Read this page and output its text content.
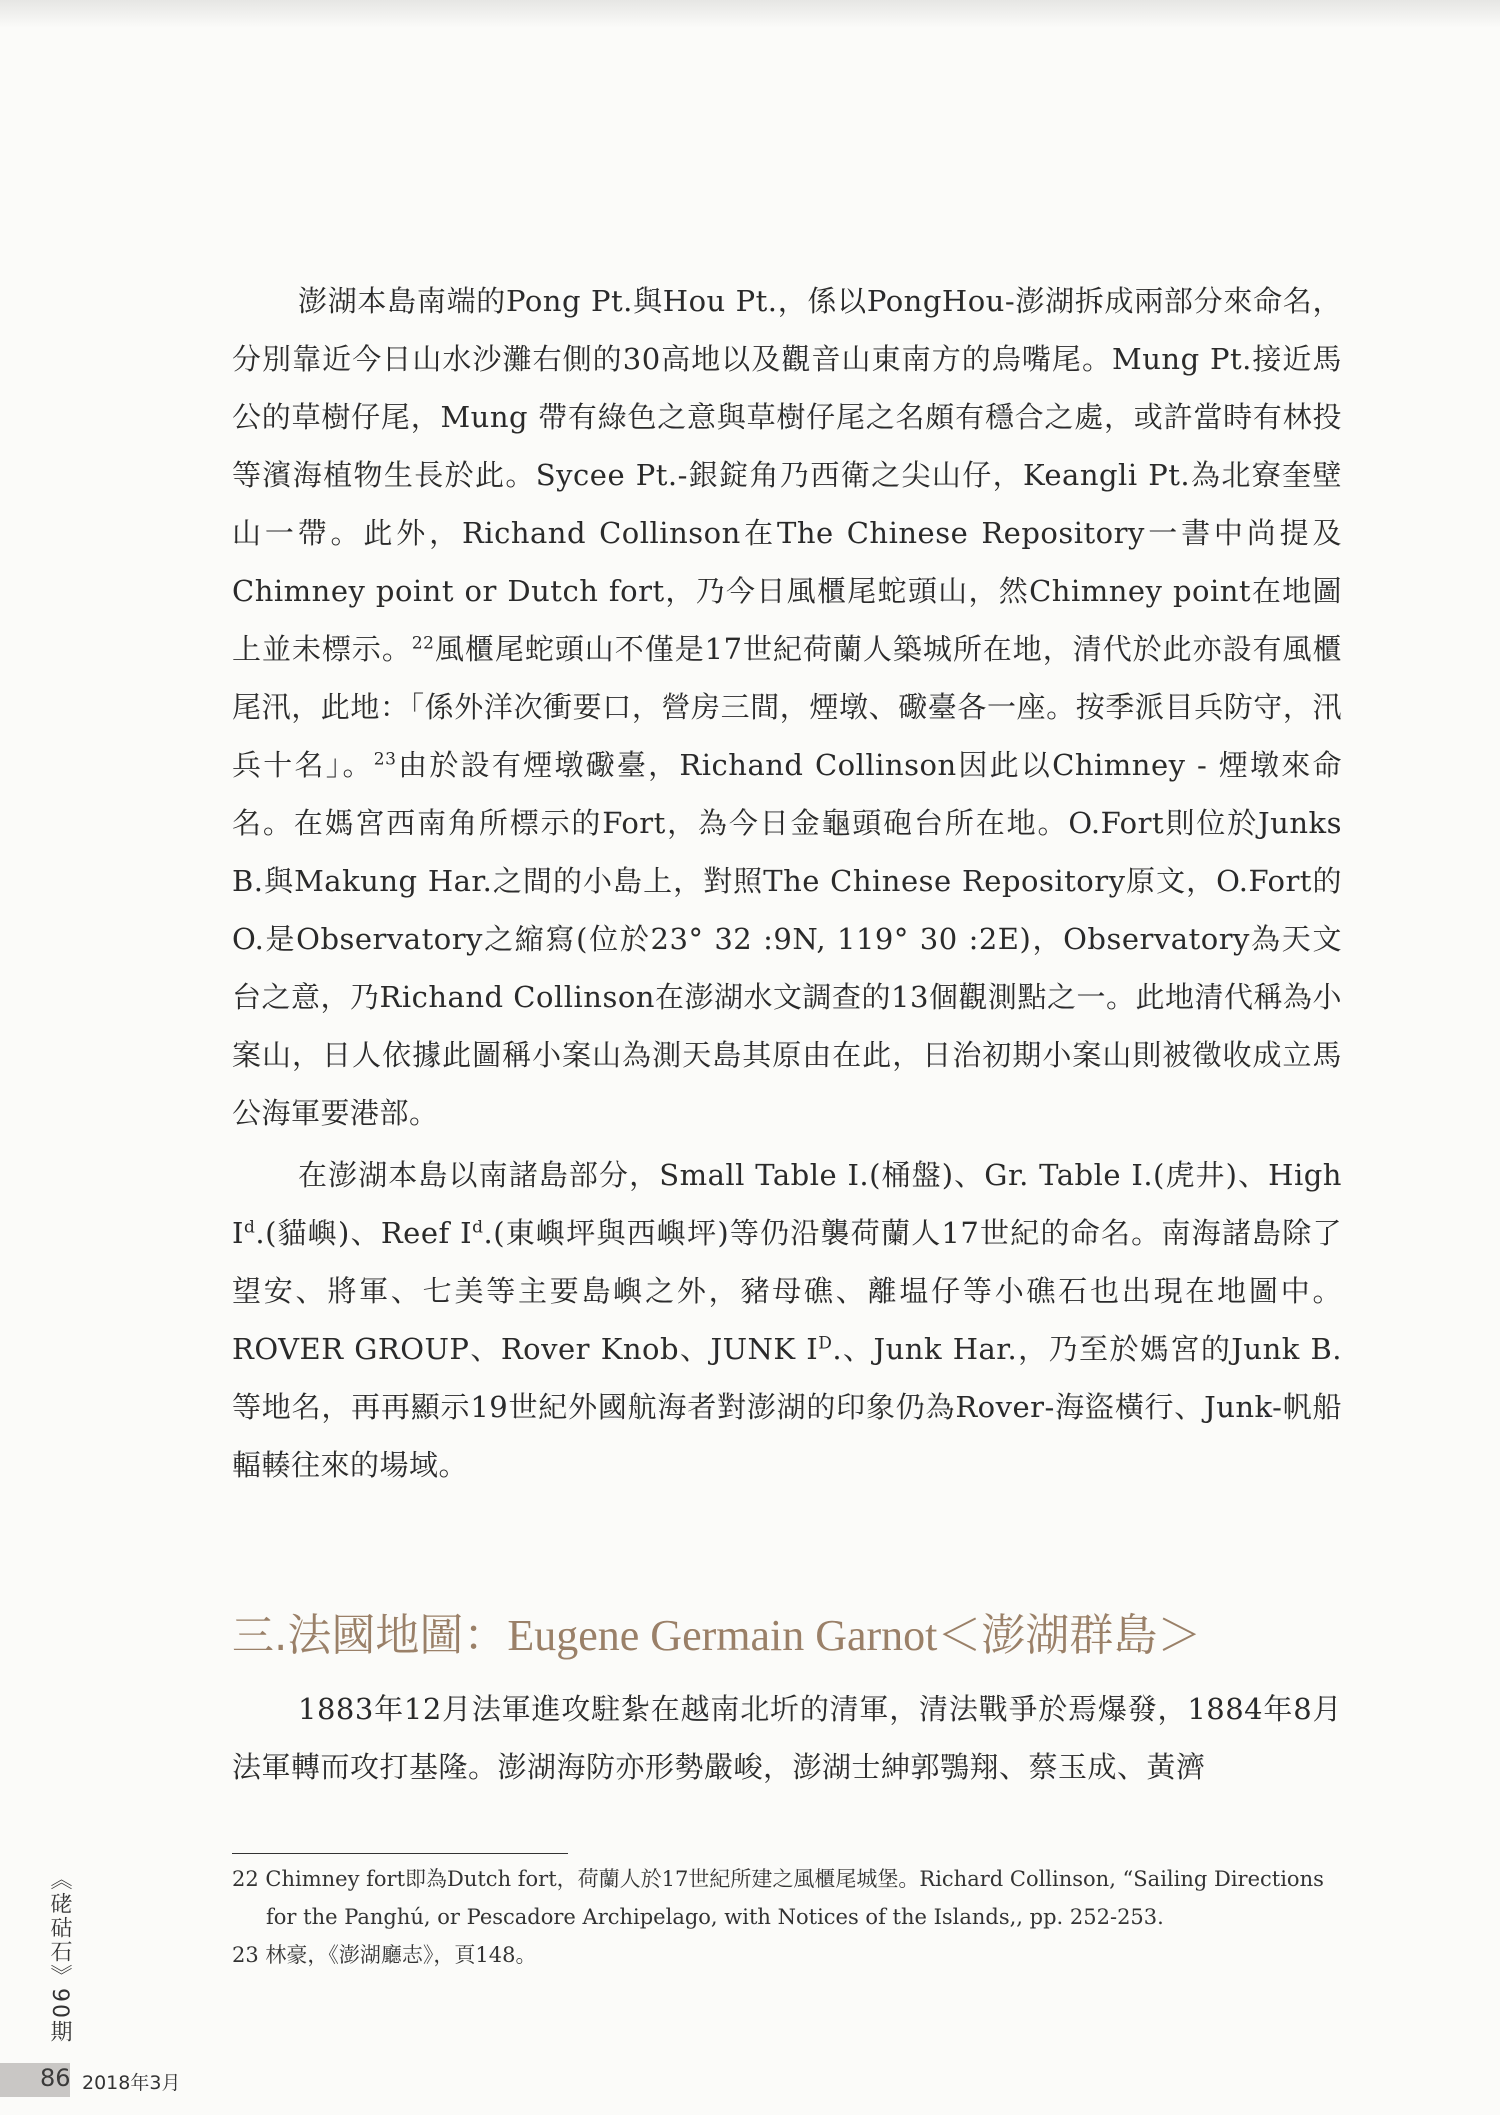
澎湖本島南端的Pong Pt.與Hou Pt.，係以PongHou-澎湖拆成兩部分來命名，分別靠近今日山水沙灘右側的30高地以及觀音山東南方的烏嘴尾。Mung Pt.接近馬公的草樹仔尾，Mung 帶有綠色之意與草樹仔尾之名頗有穩合之處，或許當時有林投等濱海植物生長於此。Sycee Pt.-銀錠角乃西衛之尖山仔，Keangli Pt.為北寮奎壁山一帶。此外，Richand Collinson在The Chinese Repository一書中尚提及Chimney point or Dutch fort，乃今日風櫃尾蛇頭山，然Chimney point在地圖上並未標示。$^{22}$風櫃尾蛇頭山不僅是17世紀荷蘭人築城所在地，清代於此亦設有風櫃尾汛，此地：「係外洋次衝要口，營房三間，煙墩、礮臺各一座。按季派目兵防守，汛兵十名」。$^{23}$由於設有煙墩礮臺，Richand Collinson因此以Chimney - 煙墩來命名。在媽宮西南角所標示的Fort，為今日金龜頭砲台所在地。O.Fort則位於Junks B.與Makung Har.之間的小島上，對照The Chinese Repository原文，O.Fort的O.是Observatory之縮寫(位於23° 32 :9N, 119° 30 :2E)，Observatory為天文台之意，乃Richand Collinson在澎湖水文調查的13個觀測點之一。此地清代稱為小案山，日人依據此圖稱小案山為測天島其原由在此，日治初期小案山則被徵收成立馬公海軍要港部。

在澎湖本島以南諸島部分，Small Table I.(桶盤)、Gr. Table I.(虎井)、High $I^d$.(貓嶼)、Reef $I^d$.(東嶼坪與西嶼坪)等仍沿襲荷蘭人17世紀的命名。南海諸島除了望安、將軍、七美等主要島嶼之外，豬母礁、離塭仔等小礁石也出現在地圖中。ROVER GROUP、Rover Knob、JUNK $I^D$.、Junk Har.，乃至於媽宮的Junk B.等地名，再再顯示19世紀外國航海者對澎湖的印象仍為Rover-海盜橫行、Junk-帆船輻輳往來的場域。

三.法國地圖：Eugene Germain Garnot＜澎湖群島＞

1883年12月法軍進攻駐紮在越南北圻的清軍，清法戰爭於焉爆發，1884年8月法軍轉而攻打基隆。澎湖海防亦形勢嚴峻，澎湖士紳郭鶚翔、蔡玉成、黃濟

22 Chimney fort即為Dutch fort，荷蘭人於17世紀所建之風櫃尾城堡。Richard Collinson, “Sailing Directions for the Panghú, or Pescadore Archipelago, with Notices of the Islands,, pp. 252-253.

23 林豪，《澎湖廳志》，頁148。

《硓𥑮石》90期
86 2018年3月
